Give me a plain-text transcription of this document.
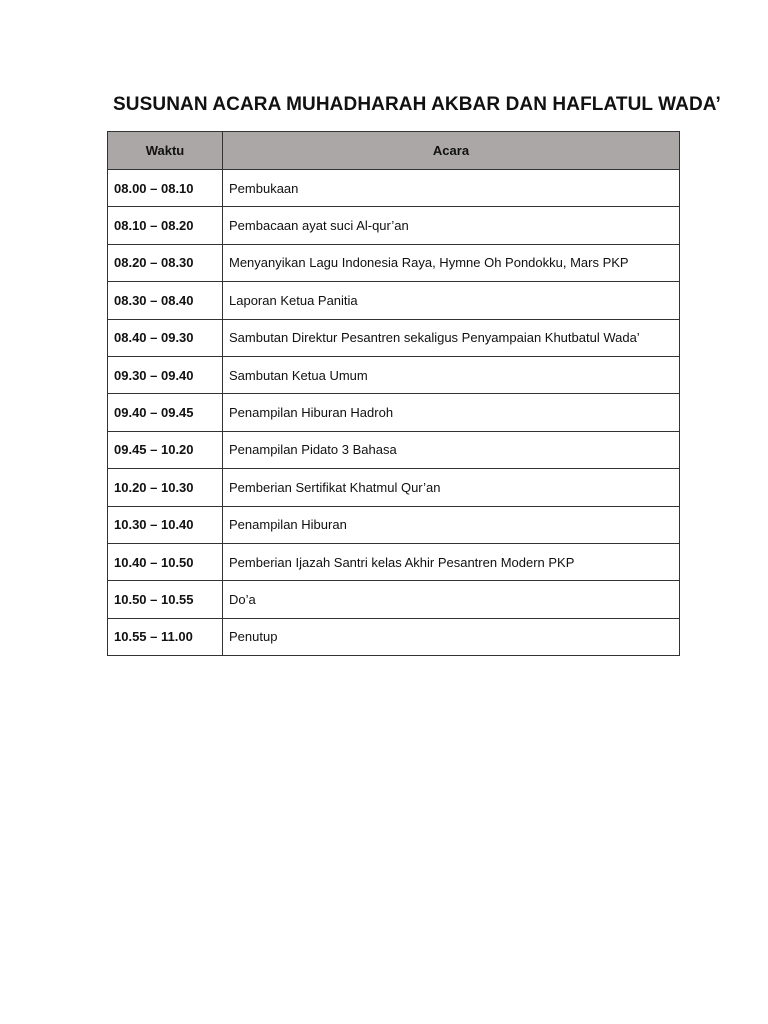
SUSUNAN ACARA MUHADHARAH AKBAR DAN HAFLATUL WADA’
Waktu	Acara
08.00 – 08.10	Pembukaan
08.10 – 08.20	Pembacaan ayat suci Al-qur’an
08.20 – 08.30	Menyanyikan Lagu Indonesia Raya, Hymne Oh Pondokku, Mars PKP
08.30 – 08.40	Laporan Ketua Panitia
08.40 – 09.30	Sambutan Direktur Pesantren sekaligus Penyampaian Khutbatul Wada’
09.30 – 09.40	Sambutan Ketua Umum
09.40 – 09.45	Penampilan Hiburan Hadroh
09.45 – 10.20	Penampilan Pidato 3 Bahasa
10.20 – 10.30	Pemberian Sertifikat Khatmul Qur’an
10.30 – 10.40	Penampilan Hiburan
10.40 – 10.50	Pemberian Ijazah Santri kelas Akhir Pesantren Modern PKP
10.50 – 10.55	Do’a
10.55 – 11.00	Penutup
